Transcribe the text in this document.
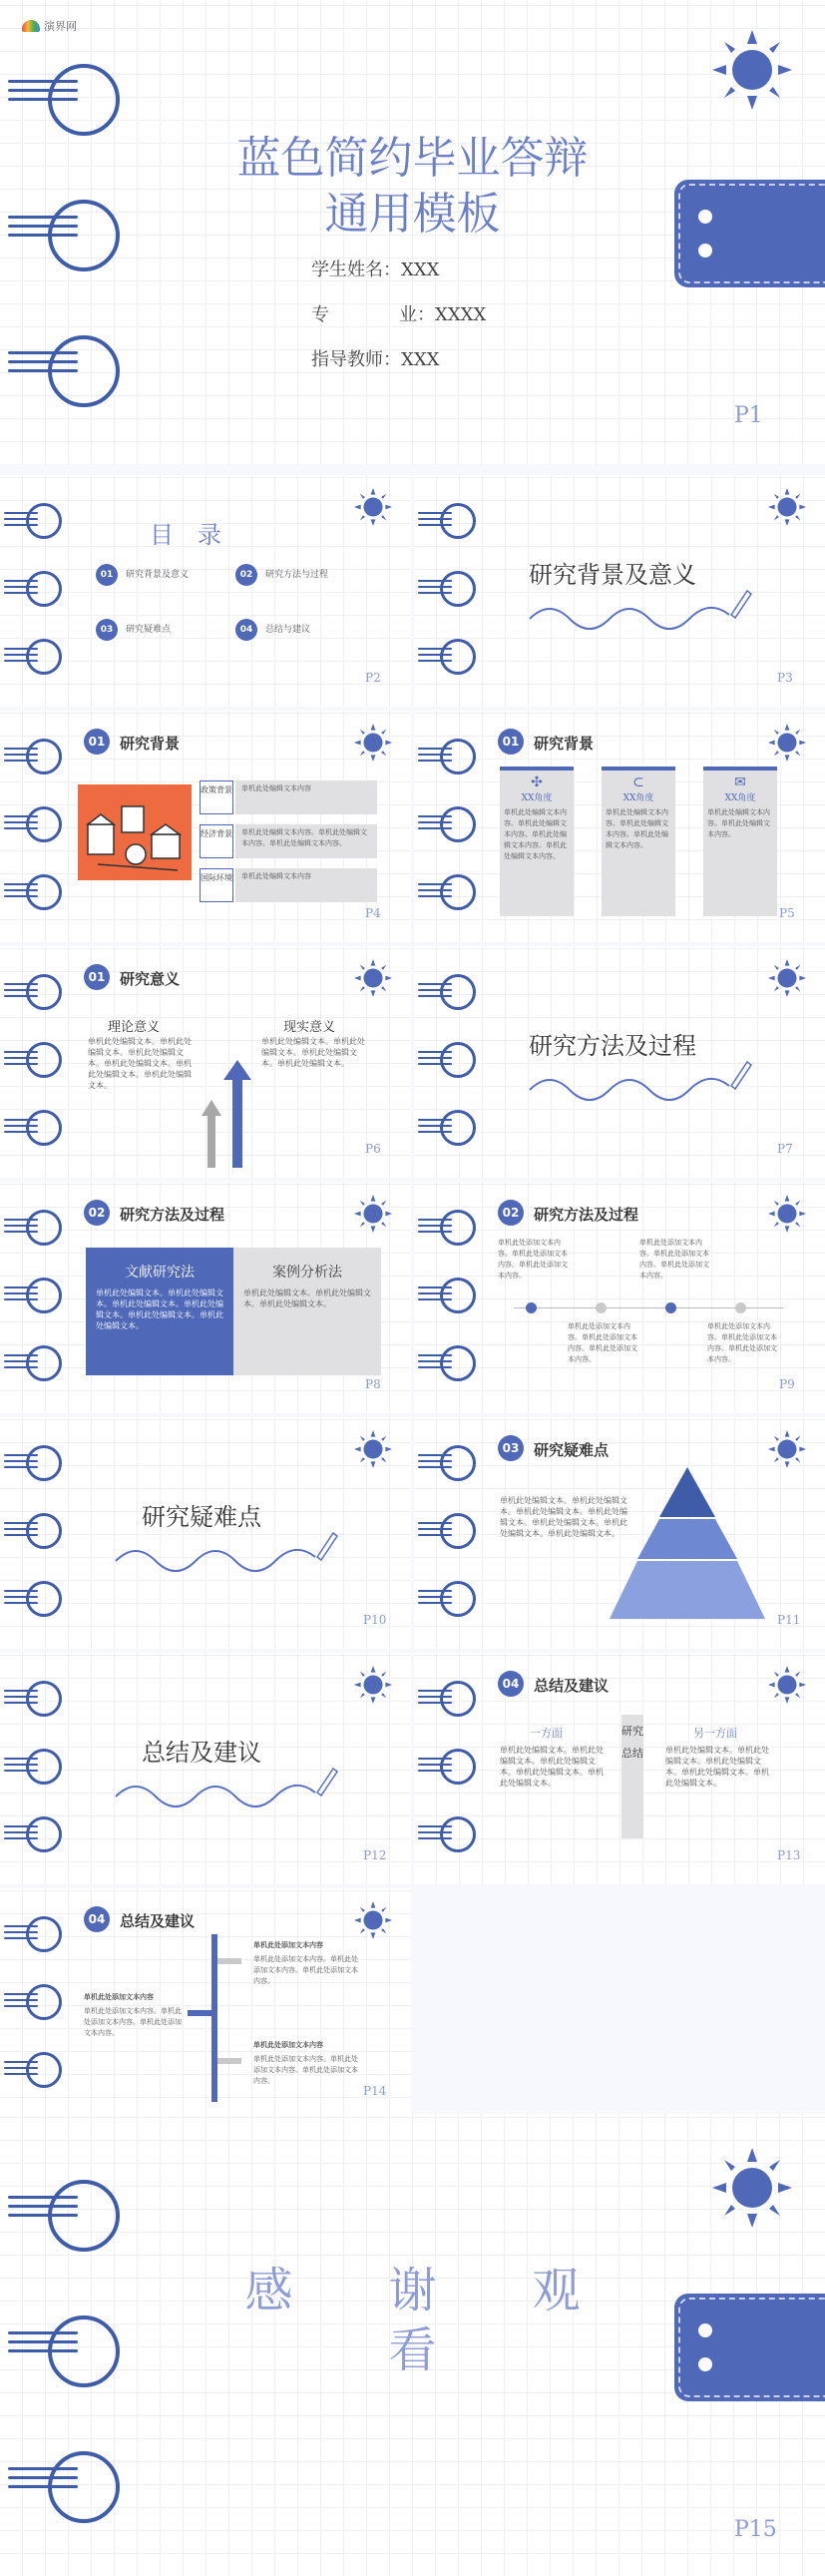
演界网
蓝色简约毕业答辩
通用模板
学生姓名：XXX
专	业：XXXX
指导教师：XXX
P1
目　录
01	研究背景及意义	02	研究方法与过程
03	研究疑难点	04	总结与建议
P2
研究背景及意义
P3
01 研究背景
政策背景	单机此处编辑文本内容
经济背景	单机此处编辑文本内容。单机此处编辑文本内容。单机此处编辑文本内容。
国际环境	单机此处编辑文本内容
P4
01 研究背景
✣
XX角度
单机此处编辑文本内容。单机此处编辑文本内容。单机此处编辑文本内容。单机此处编辑文本内容。
⊂
XX角度
单机此处编辑文本内容。单机此处编辑文本内容。单机此处编辑文本内容。
✉
XX角度
单机此处编辑文本内容。单机此处编辑文本内容。
P5
01 研究意义
理论意义
单机此处编辑文本。单机此处编辑文本。单机此处编辑文本。单机此处编辑文本。单机此处编辑文本。单机此处编辑文本。
现实意义
单机此处编辑文本。单机此处编辑文本。单机此处编辑文本。单机此处编辑文本。
P6
研究方法及过程
P7
02 研究方法及过程
文献研究法
单机此处编辑文本。单机此处编辑文本。单机此处编辑文本。单机此处编辑文本。单机此处编辑文本。单机此处编辑文本。
案例分析法
单机此处编辑文本。单机此处编辑文本。单机此处编辑文本。
P8
02 研究方法及过程
单机此处添加文本内容。单机此处添加文本内容。单机此处添加文本内容。
单机此处添加文本内容。单机此处添加文本内容。单机此处添加文本内容。
单机此处添加文本内容。单机此处添加文本内容。单机此处添加文本内容。
单机此处添加文本内容。单机此处添加文本内容。单机此处添加文本内容。
P9
研究疑难点
P10
03 研究疑难点
单机此处编辑文本。单机此处编辑文本。单机此处编辑文本。单机此处编辑文本。单机此处编辑文本。单机此处编辑文本。单机此处编辑文本。
P11
总结及建议
P12
04 总结及建议
一方面
单机此处编辑文本。单机此处编辑文本。单机此处编辑文本。单机此处编辑文本。单机此处编辑文本。
研究总结
另一方面
单机此处编辑文本。单机此处编辑文本。单机此处编辑文本。单机此处编辑文本。单机此处编辑文本。
P13
04 总结及建议
单机此处添加文本内容
单机此处添加文本内容。单机此处添加文本内容。单机此处添加文本内容。
单机此处添加文本内容
单机此处添加文本内容。单机此处添加文本内容。单机此处添加文本内容。
单机此处添加文本内容
单机此处添加文本内容。单机此处添加文本内容。单机此处添加文本内容。
P14
感　　谢　　观
看
P15
